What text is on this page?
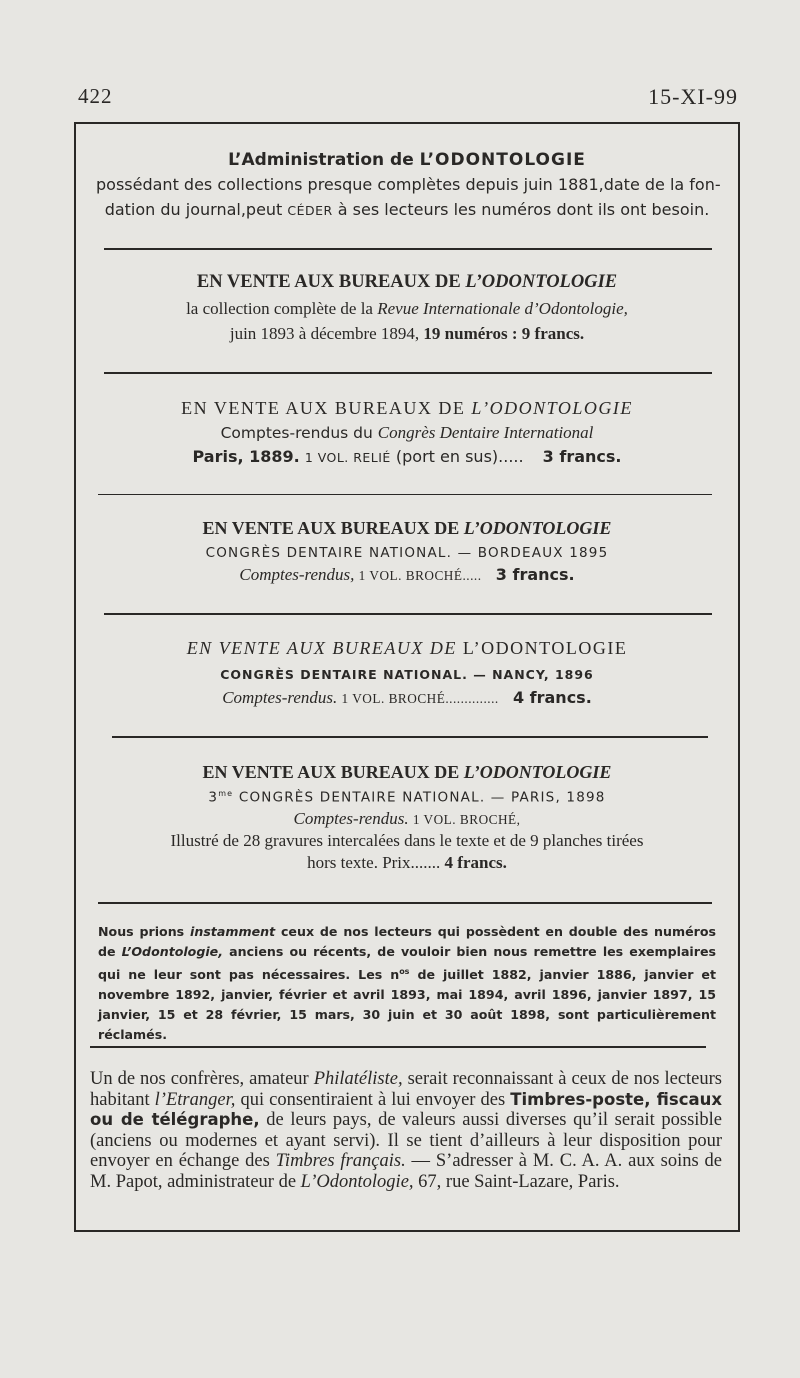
422	15-XI-99
L’Administration de L’ODONTOLOGIE
possédant des collections presque complètes depuis juin 1881,date de la fon-
dation du journal,peut CÉDER à ses lecteurs les numéros dont ils ont besoin.
EN VENTE AUX BUREAUX DE L’ODONTOLOGIE
la collection complète de la Revue Internationale d’Odontologie,
juin 1893 à décembre 1894, 19 numéros : 9 francs.
EN VENTE AUX BUREAUX DE L’ODONTOLOGIE
Comptes-rendus du Congrès Dentaire International
Paris, 1889. 1 VOL. RELIÉ (port en sus)..... 3 francs.
EN VENTE AUX BUREAUX DE L’ODONTOLOGIE
CONGRÈS DENTAIRE NATIONAL. — BORDEAUX 1895
Comptes-rendus, 1 VOL. BROCHÉ..... 3 francs.
EN VENTE AUX BUREAUX DE L’ODONTOLOGIE
CONGRÈS DENTAIRE NATIONAL. — NANCY, 1896
Comptes-rendus. 1 VOL. BROCHÉ.............. 4 francs.
EN VENTE AUX BUREAUX DE L’ODONTOLOGIE
$3^{me}$ CONGRÈS DENTAIRE NATIONAL. — PARIS, 1898
Comptes-rendus. 1 VOL. BROCHÉ,
Illustré de 28 gravures intercalées dans le texte et de 9 planches tirées
hors texte. Prix....... 4 francs.
Nous prions instamment ceux de nos lecteurs qui possèdent en double des numéros de L’Odontologie, anciens ou récents, de vouloir bien nous remettre les exemplaires qui ne leur sont pas nécessaires. Les $n^{os}$ de juillet 1882, janvier 1886, janvier et novembre 1892, janvier, février et avril 1893, mai 1894, avril 1896, janvier 1897, 15 janvier, 15 et 28 février, 15 mars, 30 juin et 30 août 1898, sont particulièrement réclamés.
Un de nos confrères, amateur Philatéliste, serait reconnaissant à ceux de nos lecteurs habitant l’Etranger, qui consentiraient à lui envoyer des Timbres-poste, fiscaux ou de télégraphe, de leurs pays, de valeurs aussi diverses qu’il serait possible (anciens ou modernes et ayant servi). Il se tient d’ailleurs à leur disposition pour envoyer en échange des Timbres français. — S’adresser à M. C. A. A. aux soins de M. Papot, administrateur de L’Odontologie, 67, rue Saint-Lazare, Paris.
